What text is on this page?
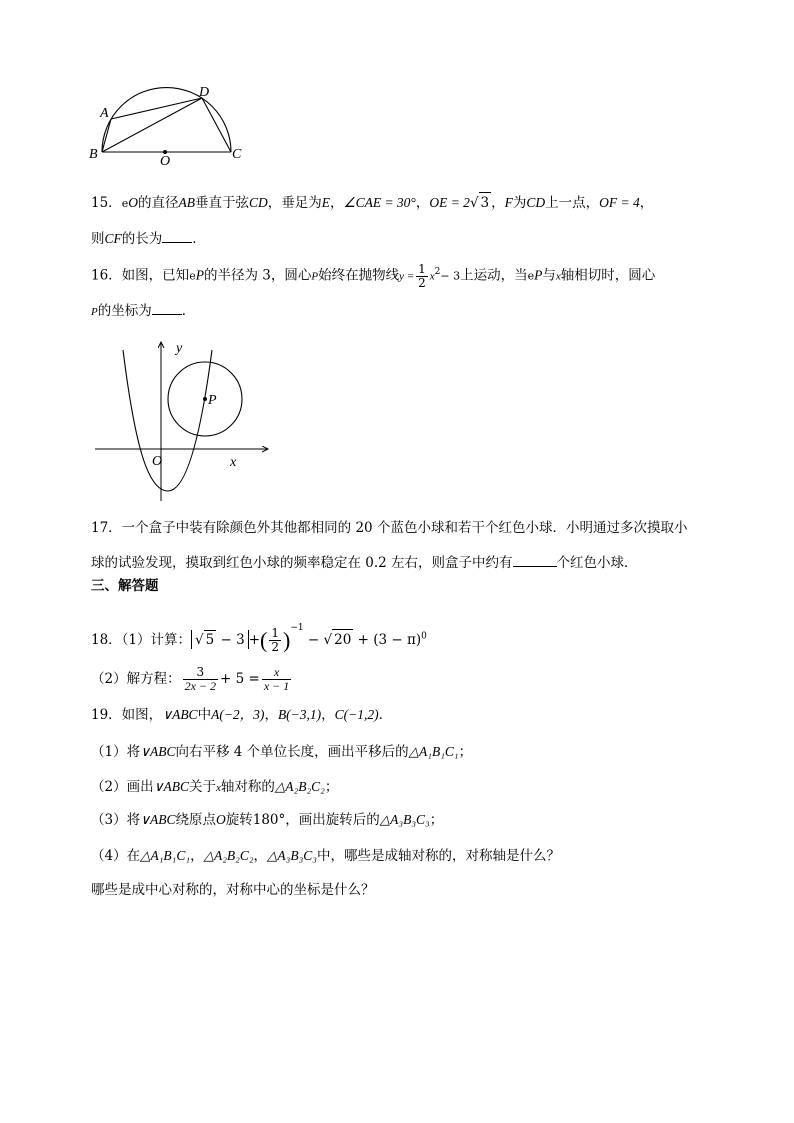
A
D
B	O	C
15．eO的直径AB垂直于弦CD，垂足为E，∠CAE = 30°，OE = 2√ 3 ，F为CD上一点，OF = 4，
则CF的长为 ．
16．如图，已知eP的半径为 3，圆心P始终在抛物线$y = \frac{1}{2} x^2- 3$上运动，当eP与x轴相切时，圆心
P的坐标为 ．
y
x
O
P
17．一个盒子中装有除颜色外其他都相同的 20 个蓝色小球和若干个红色小球．小明通过多次摸取小
球的试验发现，摸取到红色小球的频率稳定在 0.2 左右，则盒子中约有	个红色小球．
三、解答题
18．（1）计算： √ 5 − 3 +( $\frac{1}{2} )^{-1}$ − √ $20 + (3 - \pi)^0$
（2）解方程： $\frac{3}{2x - 2} + 5 = \frac{x}{x - 1}$
19．如图，∨ABC中A(−2，3)，B(−3,1)，C(−1,2)．
（1）将∨ABC向右平移 4 个单位长度，画出平移后的△A₁B₁C₁；
（2）画出∨ABC关于x轴对称的△A₂B₂C₂；
（3）将∨ABC绕原点O旋转180°，画出旋转后的△A₃B₃C₃；
（4）在△A₁B₁C₁，△A₂B₂C₂，△A₃B₃C₃中，哪些是成轴对称的，对称轴是什么？
哪些是成中心对称的，对称中心的坐标是什么？
